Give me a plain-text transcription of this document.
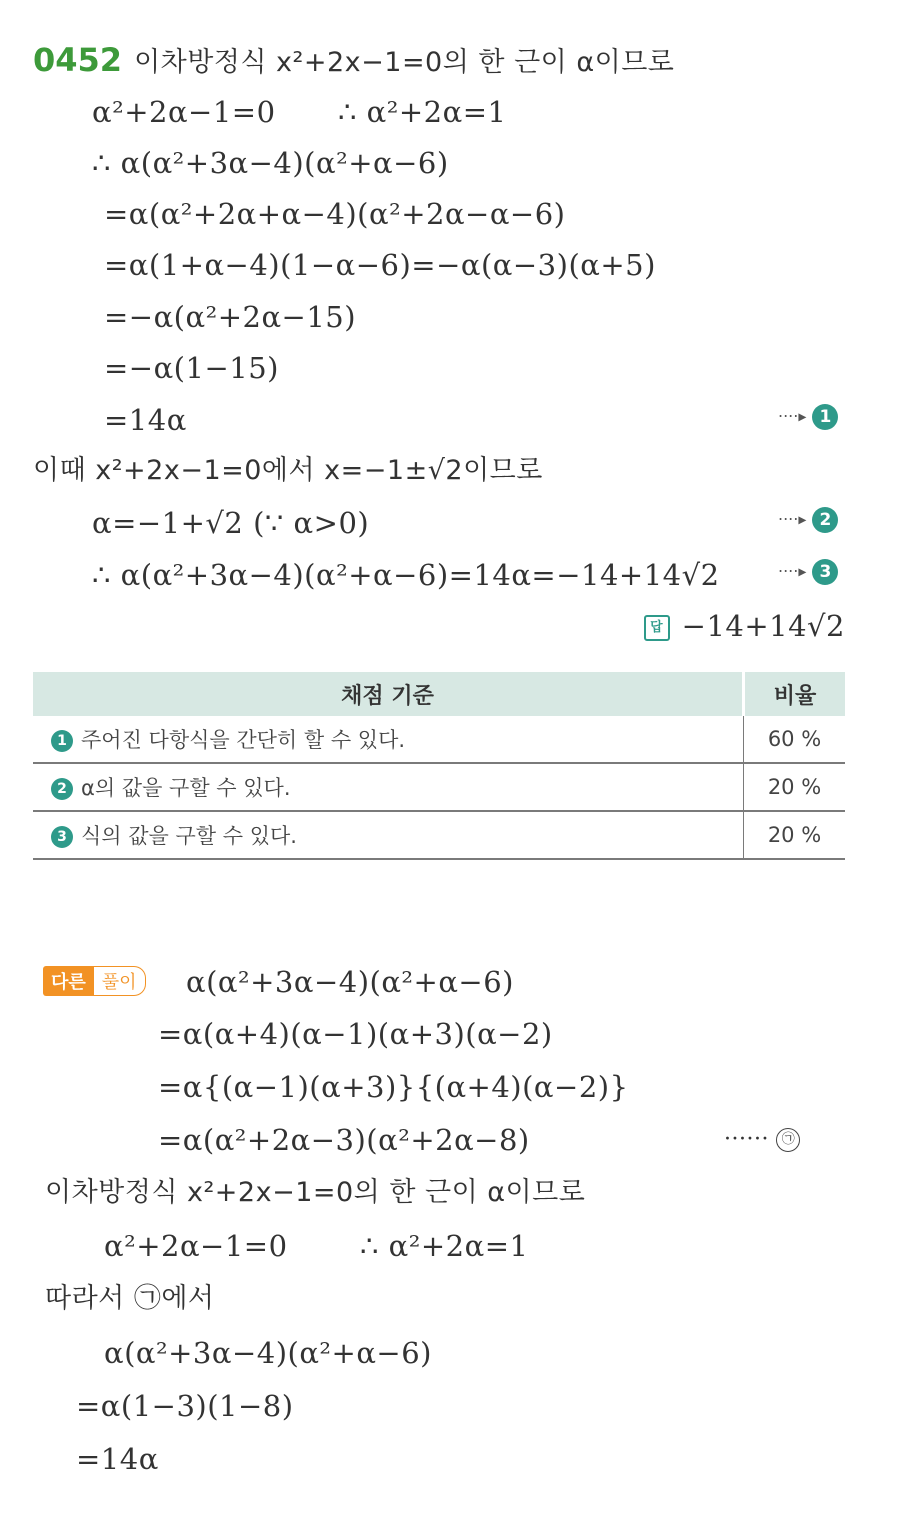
0452 이차방정식 x²+2x−1=0의 한 근이 α이므로
α²+2α−1=0 ∴ α²+2α=1
∴ α(α²+3α−4)(α²+α−6)
=α(α²+2α+α−4)(α²+2α−α−6)
=α(1+α−4)(1−α−6)=−α(α−3)(α+5)
=−α(α²+2α−15)
=−α(1−15)
=14α	····▸ 1
이때 x²+2x−1=0에서 x=−1±√2이므로
α=−1+√2 (∵ α>0)	····▸ 2
∴ α(α²+3α−4)(α²+α−6)=14α=−14+14√2	····▸ 3
답 −14+14√2
채점 기준	비율
1 주어진 다항식을 간단히 할 수 있다.	60 %
2 α의 값을 구할 수 있다.	20 %
3 식의 값을 구할 수 있다.	20 %
다른 풀이	α(α²+3α−4)(α²+α−6)
=α(α+4)(α−1)(α+3)(α−2)
=α{(α−1)(α+3)}{(α+4)(α−2)}
=α(α²+2α−3)(α²+2α−8)	······ ㉠
이차방정식 x²+2x−1=0의 한 근이 α이므로
α²+2α−1=0 ∴ α²+2α=1
따라서 ㉠에서
α(α²+3α−4)(α²+α−6)
=α(1−3)(1−8)
=14α
